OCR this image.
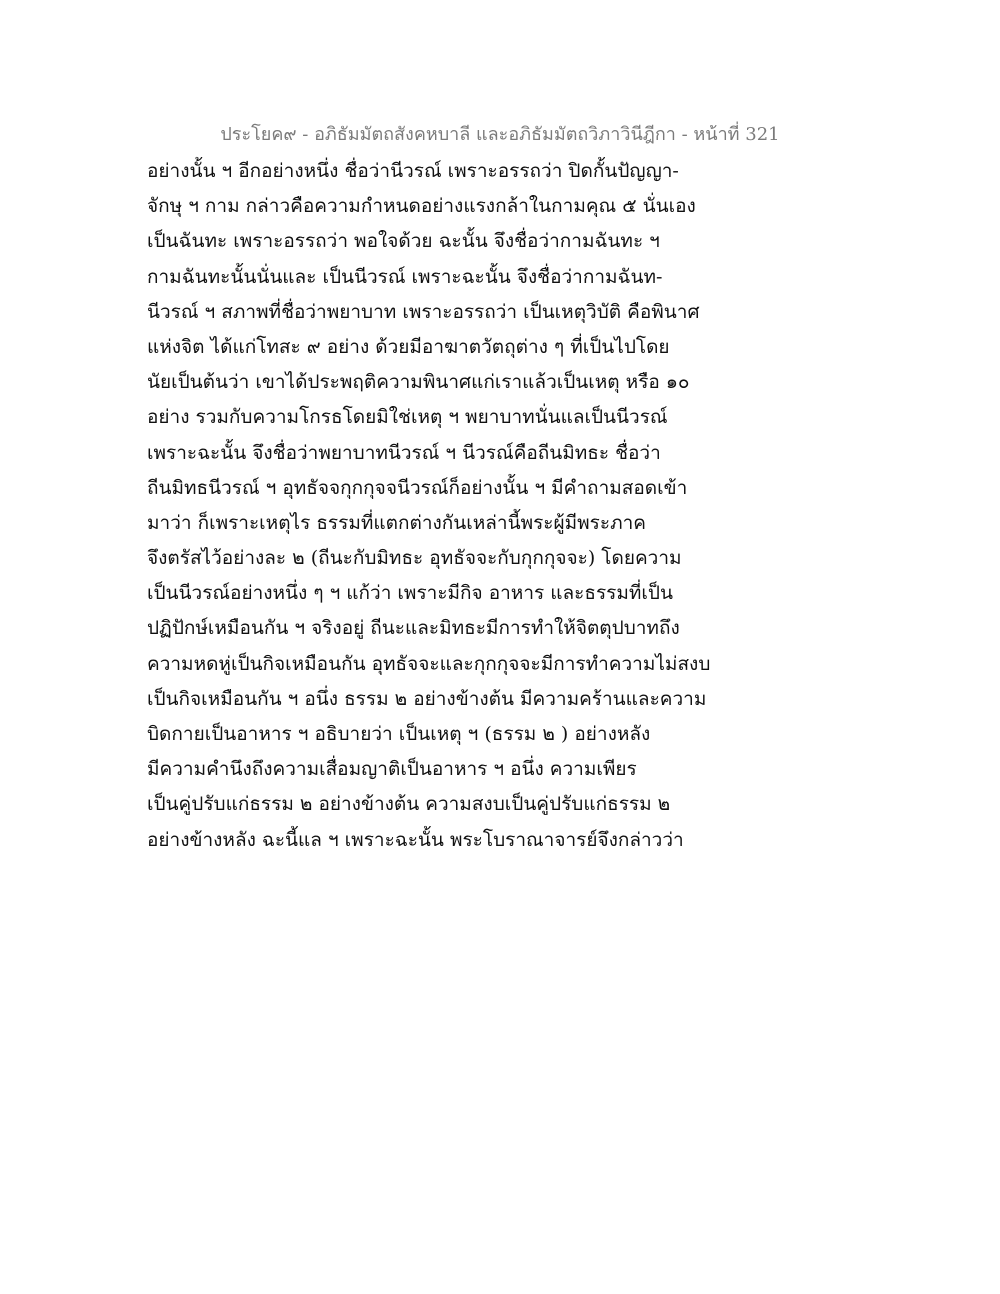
ประโยค๙ - อภิธัมมัตถสังคหบาลี และอภิธัมมัตถวิภาวินีฎีกา - หน้าที่ 321
อย่างนั้น ฯ อีกอย่างหนึ่ง ชื่อว่านีวรณ์ เพราะอรรถว่า ปิดกั้นปัญญา-
จักษุ ฯ กาม กล่าวคือความกำหนดอย่างแรงกล้าในกามคุณ ๕ นั่นเอง
เป็นฉันทะ เพราะอรรถว่า พอใจด้วย ฉะนั้น จึงชื่อว่ากามฉันทะ ฯ
กามฉันทะนั้นนั่นและ เป็นนีวรณ์ เพราะฉะนั้น จึงชื่อว่ากามฉันท-
นีวรณ์ ฯ สภาพที่ชื่อว่าพยาบาท เพราะอรรถว่า เป็นเหตุวิบัติ คือพินาศ
แห่งจิต ได้แก่โทสะ ๙ อย่าง ด้วยมีอาฆาตวัตถุต่าง ๆ ที่เป็นไปโดย
นัยเป็นต้นว่า เขาได้ประพฤติความพินาศแก่เราแล้วเป็นเหตุ หรือ ๑๐
อย่าง รวมกับความโกรธโดยมิใช่เหตุ ฯ พยาบาทนั่นแลเป็นนีวรณ์
เพราะฉะนั้น จึงชื่อว่าพยาบาทนีวรณ์ ฯ นีวรณ์คือถีนมิทธะ ชื่อว่า
ถีนมิทธนีวรณ์ ฯ อุทธัจจกุกกุจจนีวรณ์ก็อย่างนั้น ฯ มีคำถามสอดเข้า
มาว่า ก็เพราะเหตุไร ธรรมที่แตกต่างกันเหล่านี้พระผู้มีพระภาค
จึงตรัสไว้อย่างละ ๒ (ถีนะกับมิทธะ อุทธัจจะกับกุกกุจจะ) โดยความ
เป็นนีวรณ์อย่างหนึ่ง ๆ ฯ แก้ว่า เพราะมีกิจ อาหาร และธรรมที่เป็น
ปฏิปักษ์เหมือนกัน ฯ จริงอยู่ ถีนะและมิทธะมีการทำให้จิตตุปบาทถึง
ความหดหู่เป็นกิจเหมือนกัน อุทธัจจะและกุกกุจจะมีการทำความไม่สงบ
เป็นกิจเหมือนกัน ฯ อนึ่ง ธรรม ๒ อย่างข้างต้น มีความคร้านและความ
บิดกายเป็นอาหาร ฯ อธิบายว่า เป็นเหตุ ฯ (ธรรม ๒ ) อย่างหลัง
มีความคำนึงถึงความเสื่อมญาติเป็นอาหาร ฯ อนึ่ง ความเพียร
เป็นคู่ปรับแก่ธรรม ๒ อย่างข้างต้น ความสงบเป็นคู่ปรับแก่ธรรม ๒
อย่างข้างหลัง ฉะนี้แล ฯ เพราะฉะนั้น พระโบราณาจารย์จึงกล่าวว่า
